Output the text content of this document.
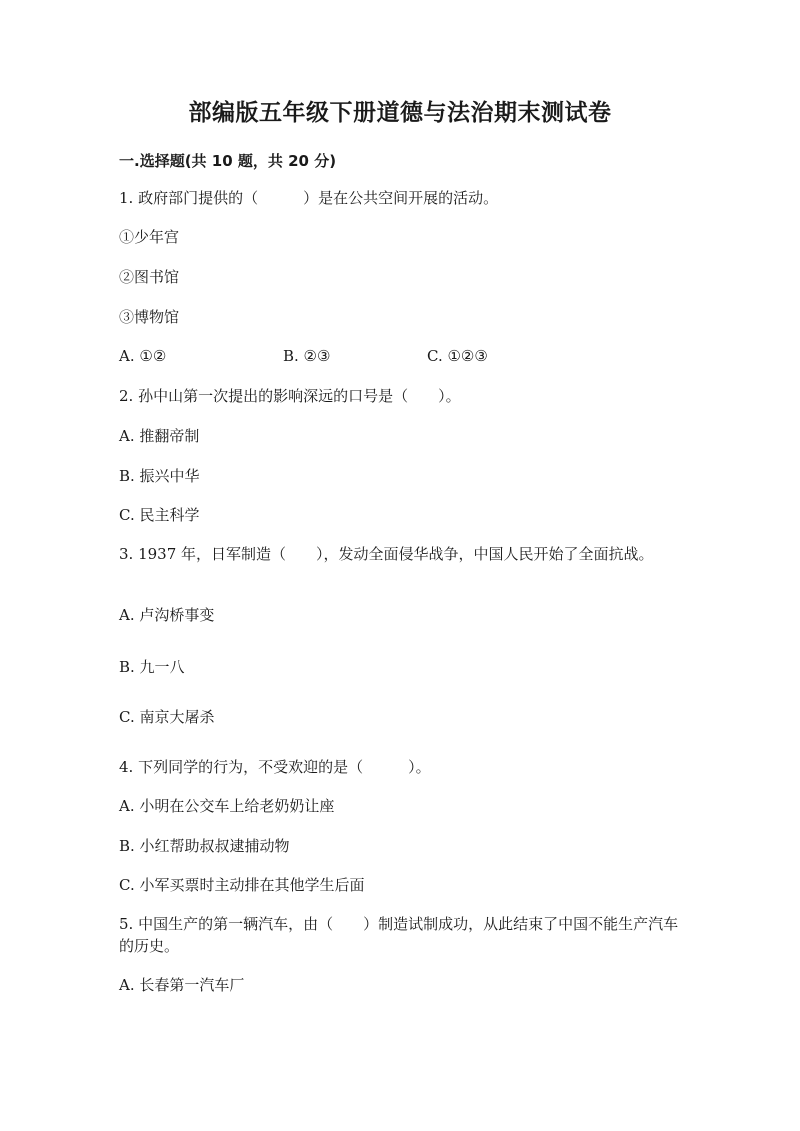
部编版五年级下册道德与法治期末测试卷
一.选择题(共 10 题，共 20 分)
1. 政府部门提供的（　　　）是在公共空间开展的活动。
①少年宫
②图书馆
③博物馆
A. ①②	B. ②③	C. ①②③
2. 孙中山第一次提出的影响深远的口号是（　　）。
A. 推翻帝制
B. 振兴中华
C. 民主科学
3. 1937 年，日军制造（　　），发动全面侵华战争，中国人民开始了全面抗战。
A. 卢沟桥事变
B. 九一八
C. 南京大屠杀
4. 下列同学的行为，不受欢迎的是（　　　）。
A. 小明在公交车上给老奶奶让座
B. 小红帮助叔叔逮捕动物
C. 小军买票时主动排在其他学生后面
5. 中国生产的第一辆汽车，由（　　）制造试制成功，从此结束了中国不能生产汽车的历史。
A. 长春第一汽车厂
